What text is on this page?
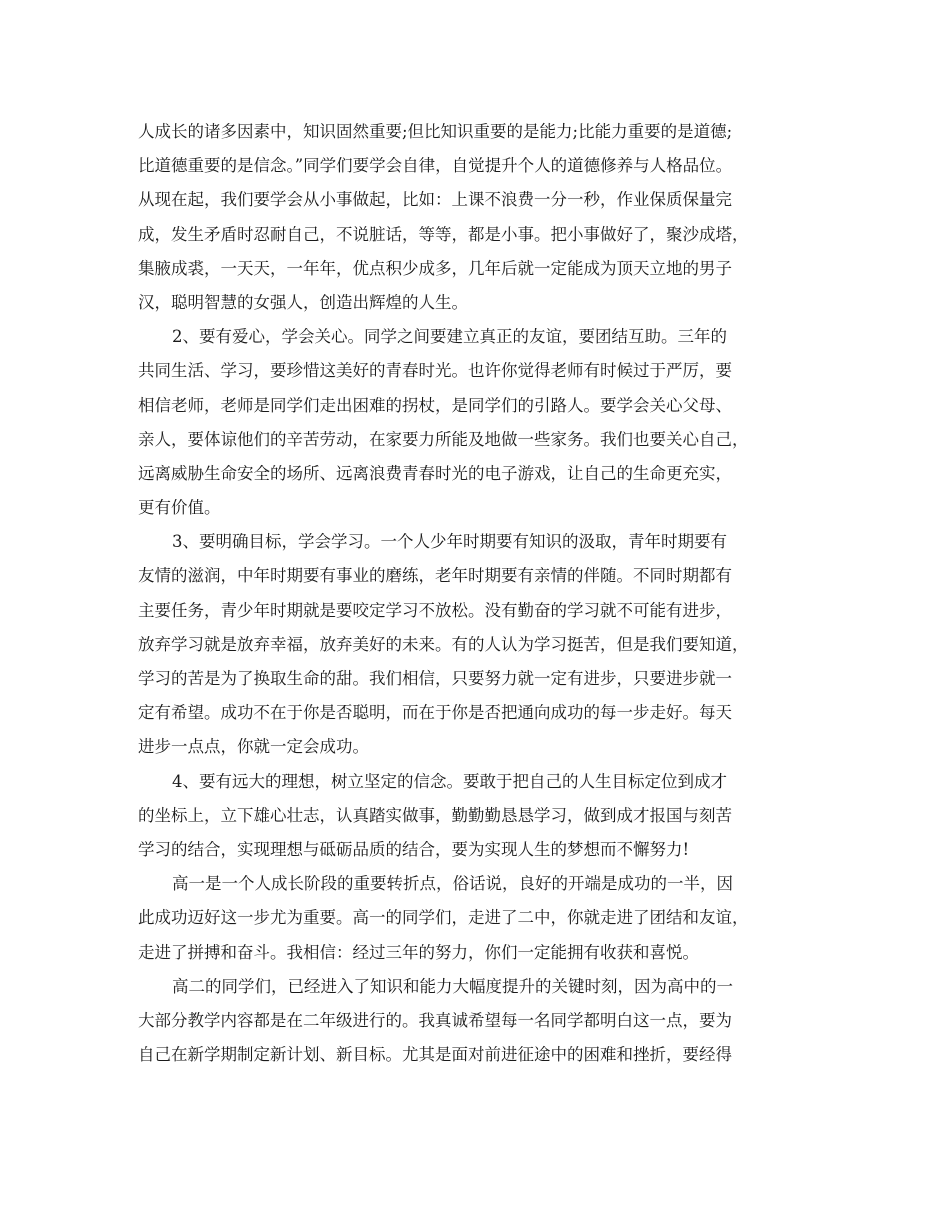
人成长的诸多因素中，知识固然重要;但比知识重要的是能力;比能力重要的是道德;
比道德重要的是信念。”同学们要学会自律，自觉提升个人的道德修养与人格品位。
从现在起，我们要学会从小事做起，比如：上课不浪费一分一秒，作业保质保量完
成，发生矛盾时忍耐自己，不说脏话，等等，都是小事。把小事做好了，聚沙成塔，
集腋成裘，一天天，一年年，优点积少成多，几年后就一定能成为顶天立地的男子
汉，聪明智慧的女强人，创造出辉煌的人生。
2、要有爱心，学会关心。同学之间要建立真正的友谊，要团结互助。三年的
共同生活、学习，要珍惜这美好的青春时光。也许你觉得老师有时候过于严厉，要
相信老师，老师是同学们走出困难的拐杖，是同学们的引路人。要学会关心父母、
亲人，要体谅他们的辛苦劳动，在家要力所能及地做一些家务。我们也要关心自己，
远离威胁生命安全的场所、远离浪费青春时光的电子游戏，让自己的生命更充实，
更有价值。
3、要明确目标，学会学习。一个人少年时期要有知识的汲取，青年时期要有
友情的滋润，中年时期要有事业的磨练，老年时期要有亲情的伴随。不同时期都有
主要任务，青少年时期就是要咬定学习不放松。没有勤奋的学习就不可能有进步，
放弃学习就是放弃幸福，放弃美好的未来。有的人认为学习挺苦，但是我们要知道，
学习的苦是为了换取生命的甜。我们相信，只要努力就一定有进步，只要进步就一
定有希望。成功不在于你是否聪明，而在于你是否把通向成功的每一步走好。每天
进步一点点，你就一定会成功。
4、要有远大的理想，树立坚定的信念。要敢于把自己的人生目标定位到成才
的坐标上，立下雄心壮志，认真踏实做事，勤勤勤恳恳学习，做到成才报国与刻苦
学习的结合，实现理想与砥砺品质的结合，要为实现人生的梦想而不懈努力!
高一是一个人成长阶段的重要转折点，俗话说，良好的开端是成功的一半，因
此成功迈好这一步尤为重要。高一的同学们，走进了二中，你就走进了团结和友谊，
走进了拼搏和奋斗。我相信：经过三年的努力，你们一定能拥有收获和喜悦。
高二的同学们，已经进入了知识和能力大幅度提升的关键时刻，因为高中的一
大部分教学内容都是在二年级进行的。我真诚希望每一名同学都明白这一点，要为
自己在新学期制定新计划、新目标。尤其是面对前进征途中的困难和挫折，要经得
